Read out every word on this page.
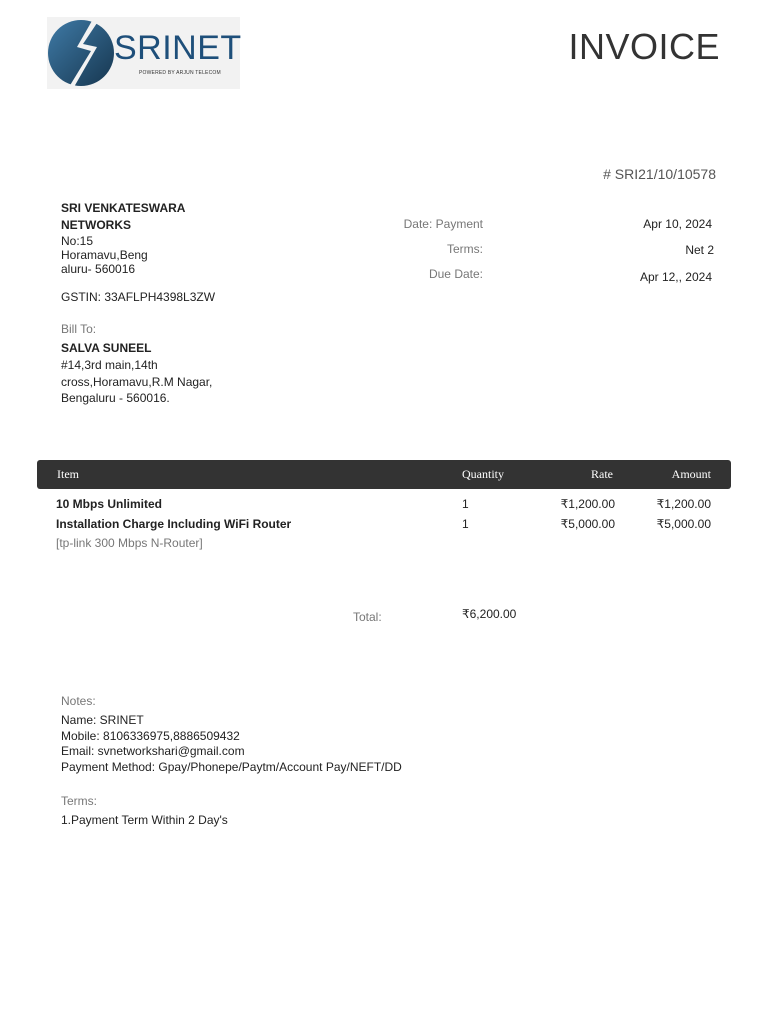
SRINET
POWERED BY ARJUN TELECOM
INVOICE
# SRI21/10/10578
SRI VENKATESWARA NETWORKS
No:15
Horamavu,Beng
aluru- 560016
GSTIN: 33AFLPH4398L3ZW
Date: Payment	Apr 10, 2024
Terms:	Net 2
Due Date:	Apr 12,, 2024
Bill To:
SALVA SUNEEL
#14,3rd main,14th cross,Horamavu,R.M Nagar, Bengaluru - 560016.
Item	Quantity	Rate	Amount
10 Mbps Unlimited	1	₹1,200.00	₹1,200.00
Installation Charge Including WiFi Router	1	₹5,000.00	₹5,000.00
[tp-link 300 Mbps N-Router]
Total:	₹6,200.00
Notes:
Name: SRINET
Mobile: 8106336975,8886509432
Email: svnetworkshari@gmail.com
Payment Method: Gpay/Phonepe/Paytm/Account Pay/NEFT/DD
Terms:
1.Payment Term Within 2 Day's
